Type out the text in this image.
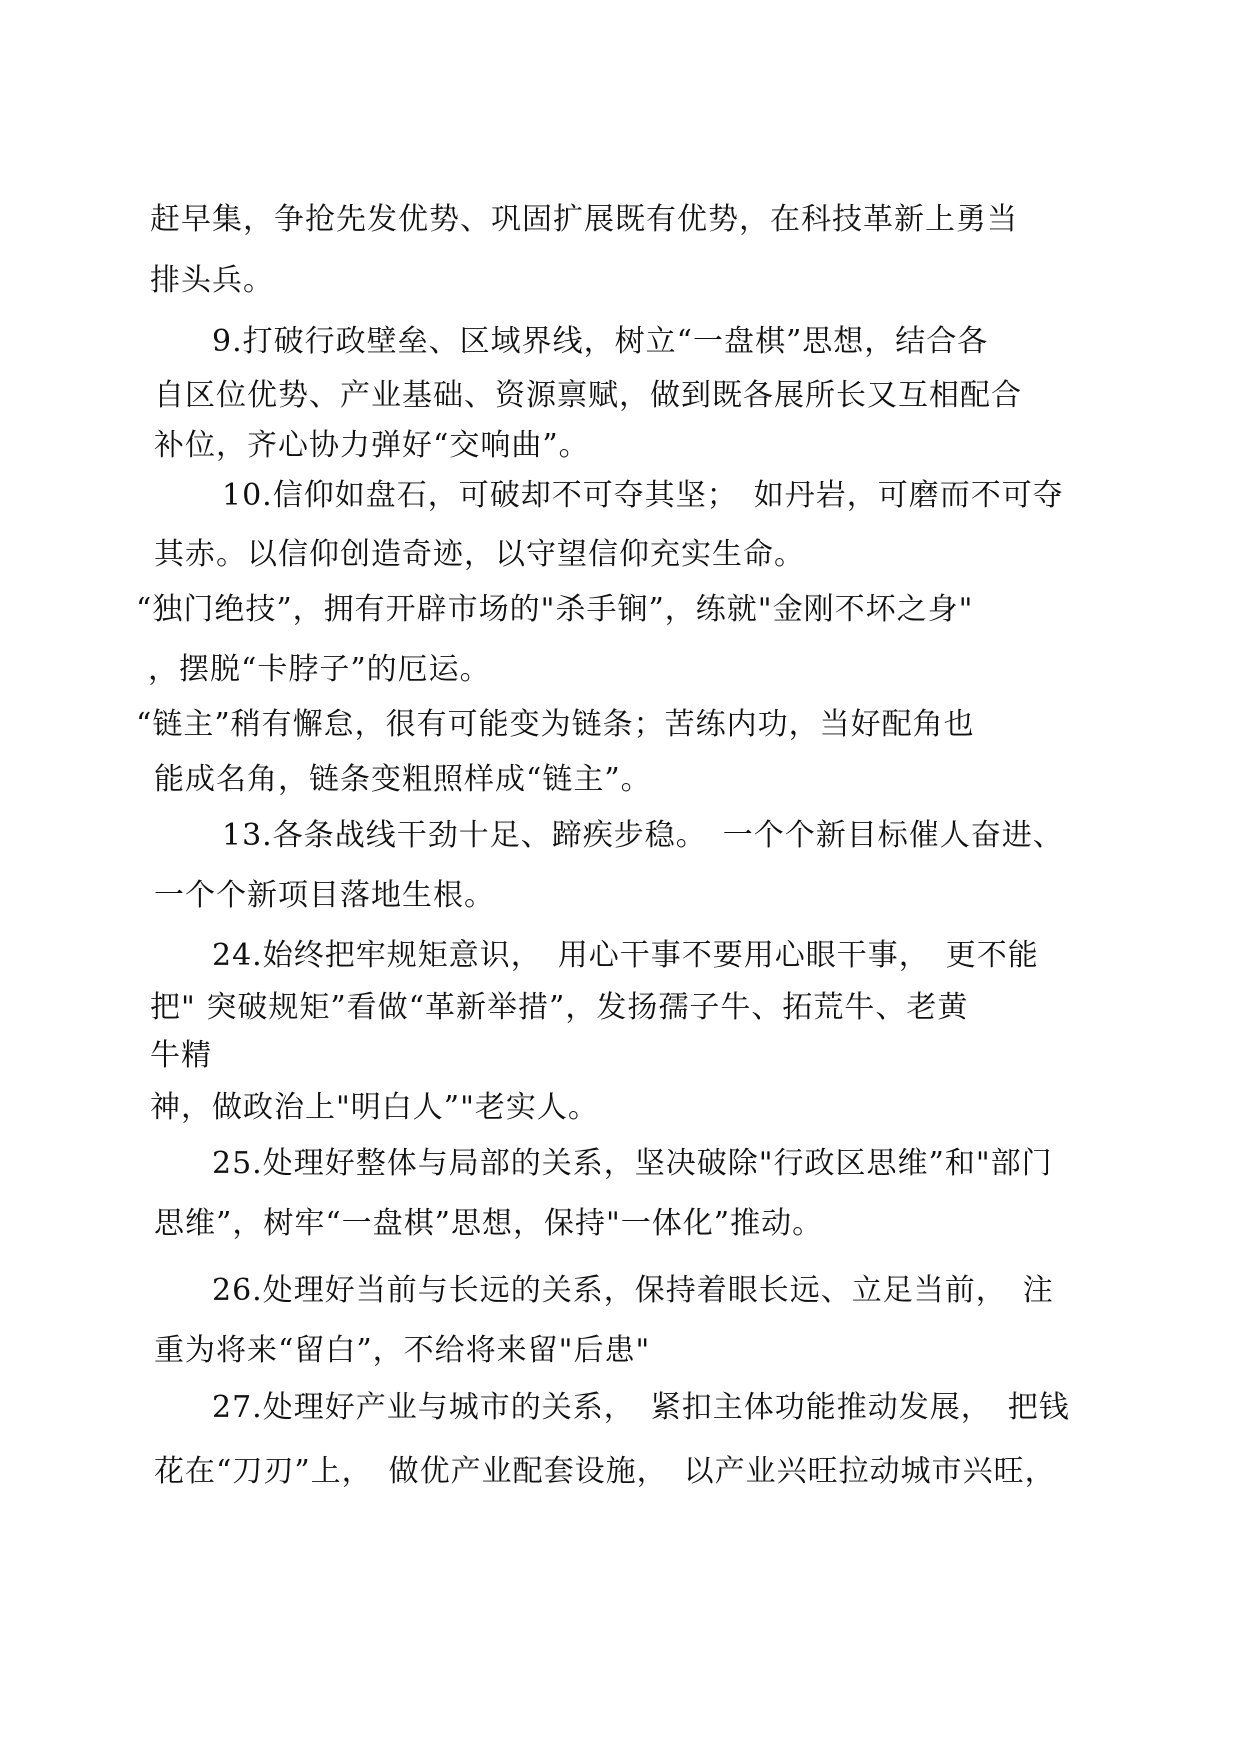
赶早集，争抢先发优势、巩固扩展既有优势，在科技革新上勇当
排头兵。
9.打破行政壁垒、区域界线，树立“一盘棋”思想，结合各
自区位优势、产业基础、资源禀赋，做到既各展所长又互相配合
补位，齐心协力弹好“交响曲”。
10.信仰如盘石，可破却不可夺其坚；　如丹岩，可磨而不可夺
其赤。以信仰创造奇迹，以守望信仰充实生命。
“独门绝技”，拥有开辟市场的"杀手锏”，练就"金刚不坏之身"
，摆脱“卡脖子”的厄运。
“链主”稍有懈怠，很有可能变为链条；苦练内功，当好配角也
能成名角，链条变粗照样成“链主”。
13.各条战线干劲十足、蹄疾步稳。　一个个新目标催人奋进、
一个个新项目落地生根。
24.始终把牢规矩意识，　用心干事不要用心眼干事，　更不能
把" 突破规矩”看做“革新举措”，发扬孺子牛、拓荒牛、老黄
牛精
神，做政治上"明白人”"老实人。
25.处理好整体与局部的关系，坚决破除"行政区思维”和"部门
思维”，树牢“一盘棋”思想，保持"一体化”推动。
26.处理好当前与长远的关系，保持着眼长远、立足当前，　注
重为将来“留白”，不给将来留"后患"
27.处理好产业与城市的关系，　紧扣主体功能推动发展，　把钱
花在“刀刃”上，　做优产业配套设施，　以产业兴旺拉动城市兴旺，
